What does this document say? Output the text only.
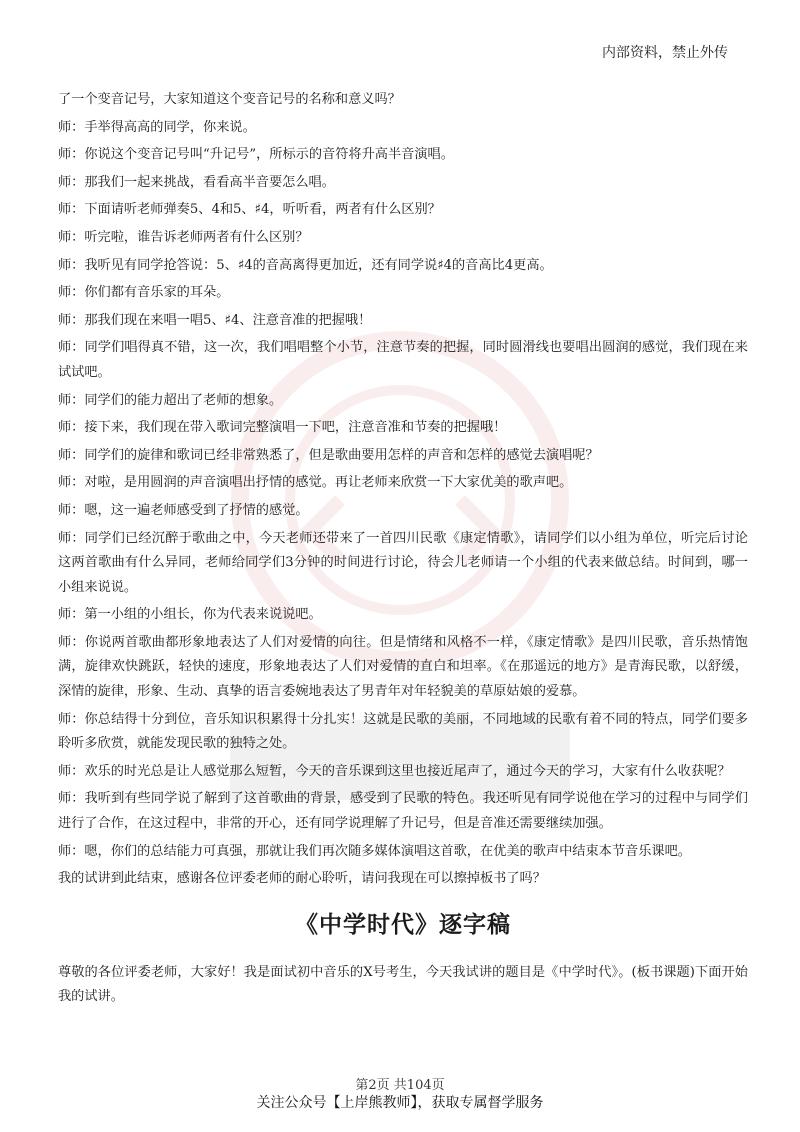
内部资料，禁止外传

了一个变音记号，大家知道这个变音记号的名称和意义吗？

师：手举得高高的同学，你来说。

师：你说这个变音记号叫“升记号”，所标示的音符将升高半音演唱。

师：那我们一起来挑战，看看高半音要怎么唱。

师：下面请听老师弹奏5、4和5、♯4，听听看，两者有什么区别？

师：听完啦，谁告诉老师两者有什么区别？

师：我听见有同学抢答说：5、♯4的音高离得更加近，还有同学说♯4的音高比4更高。

师：你们都有音乐家的耳朵。

师：那我们现在来唱一唱5、♯4、注意音准的把握哦！

师：同学们唱得真不错，这一次，我们唱唱整个小节，注意节奏的把握，同时圆滑线也要唱出圆润的感觉，我们现在来试试吧。

师：同学们的能力超出了老师的想象。

师：接下来，我们现在带入歌词完整演唱一下吧，注意音准和节奏的把握哦！

师：同学们的旋律和歌词已经非常熟悉了，但是歌曲要用怎样的声音和怎样的感觉去演唱呢？

师：对啦，是用圆润的声音演唱出抒情的感觉。再让老师来欣赏一下大家优美的歌声吧。

师：嗯，这一遍老师感受到了抒情的感觉。

师：同学们已经沉醉于歌曲之中，今天老师还带来了一首四川民歌《康定情歌》，请同学们以小组为单位，听完后讨论这两首歌曲有什么异同，老师给同学们3分钟的时间进行讨论，待会儿老师请一个小组的代表来做总结。时间到，哪一小组来说说。

师：第一小组的小组长，你为代表来说说吧。

师：你说两首歌曲都形象地表达了人们对爱情的向往。但是情绪和风格不一样，《康定情歌》是四川民歌，音乐热情饱满，旋律欢快跳跃，轻快的速度，形象地表达了人们对爱情的直白和坦率。《在那遥远的地方》是青海民歌，以舒缓，深情的旋律，形象、生动、真挚的语言委婉地表达了男青年对年轻貌美的草原姑娘的爱慕。

师：你总结得十分到位，音乐知识积累得十分扎实！这就是民歌的美丽，不同地域的民歌有着不同的特点，同学们要多聆听多欣赏，就能发现民歌的独特之处。

师：欢乐的时光总是让人感觉那么短暂，今天的音乐课到这里也接近尾声了，通过今天的学习，大家有什么收获呢？

师：我听到有些同学说了解到了这首歌曲的背景，感受到了民歌的特色。我还听见有同学说他在学习的过程中与同学们进行了合作，在这过程中，非常的开心，还有同学说理解了升记号，但是音准还需要继续加强。

师：嗯，你们的总结能力可真强，那就让我们再次随多媒体演唱这首歌，在优美的歌声中结束本节音乐课吧。

我的试讲到此结束，感谢各位评委老师的耐心聆听，请问我现在可以擦掉板书了吗？

《中学时代》逐字稿

尊敬的各位评委老师，大家好！我是面试初中音乐的X号考生，今天我试讲的题目是《中学时代》。(板书课题)下面开始我的试讲。

第2页 共104页
关注公众号【上岸熊教师】，获取专属督学服务
